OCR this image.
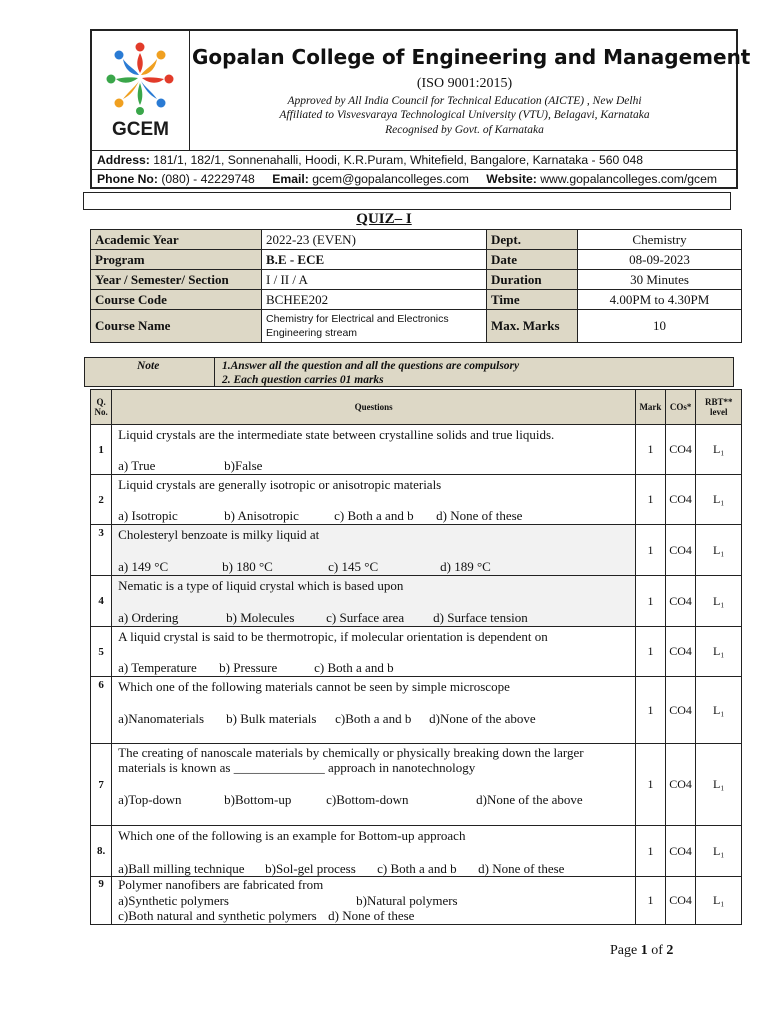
GCEM
Gopalan College of Engineering and Management
(ISO 9001:2015)
Approved by All India Council for Technical Education (AICTE) , New Delhi
Affiliated to Visvesvaraya Technological University (VTU), Belagavi, Karnataka
Recognised by Govt. of Karnataka
Address: 181/1, 182/1, Sonnenahalli, Hoodi, K.R.Puram, Whitefield, Bangalore, Karnataka - 560 048
Phone No: (080) - 42229748 Email: gcem@gopalancolleges.com Website: www.gopalancolleges.com/gcem
QUIZ– I
Academic Year	2022-23 (EVEN)	Dept.	Chemistry
Program	B.E - ECE	Date	08-09-2023
Year / Semester/ Section	I / II / A	Duration	30 Minutes
Course Code	BCHEE202	Time	4.00PM to 4.30PM
Course Name	Chemistry for Electrical and Electronics Engineering stream	Max. Marks	10
Note	1.Answer all the question and all the questions are compulsory
2. Each question carries 01 marks
Q. No.	Questions	Mark	COs*	RBT** level
1	Liquid crystals are the intermediate state between crystalline solids and true liquids.
a) True b)False	1	CO4	L₁
2	Liquid crystals are generally isotropic or anisotropic materials
a) Isotropic b) Anisotropic c) Both a and b d) None of these	1	CO4	L₁
3	Cholesteryl benzoate is milky liquid at
a) 149 °C b) 180 °C c) 145 °C d) 189 °C	1	CO4	L₁
4	Nematic is a type of liquid crystal which is based upon
a) Ordering b) Molecules c) Surface area d) Surface tension	1	CO4	L₁
5	A liquid crystal is said to be thermotropic, if molecular orientation is dependent on
a) Temperature b) Pressure c) Both a and b	1	CO4	L₁
6	Which one of the following materials cannot be seen by simple microscope
a)Nanomaterials b) Bulk materials c)Both a and b d)None of the above	1	CO4	L₁
7	The creating of nanoscale materials by chemically or physically breaking down the larger materials is known as ______________ approach in nanotechnology
a)Top-down b)Bottom-up c)Bottom-down d)None of the above	1	CO4	L₁
8.	Which one of the following is an example for Bottom-up approach
a)Ball milling technique b)Sol-gel process c) Both a and b d) None of these	1	CO4	L₁
9	Polymer nanofibers are fabricated from
a)Synthetic polymers b)Natural polymers
c)Both natural and synthetic polymers d) None of these	1	CO4	L₁
Page 1 of 2
